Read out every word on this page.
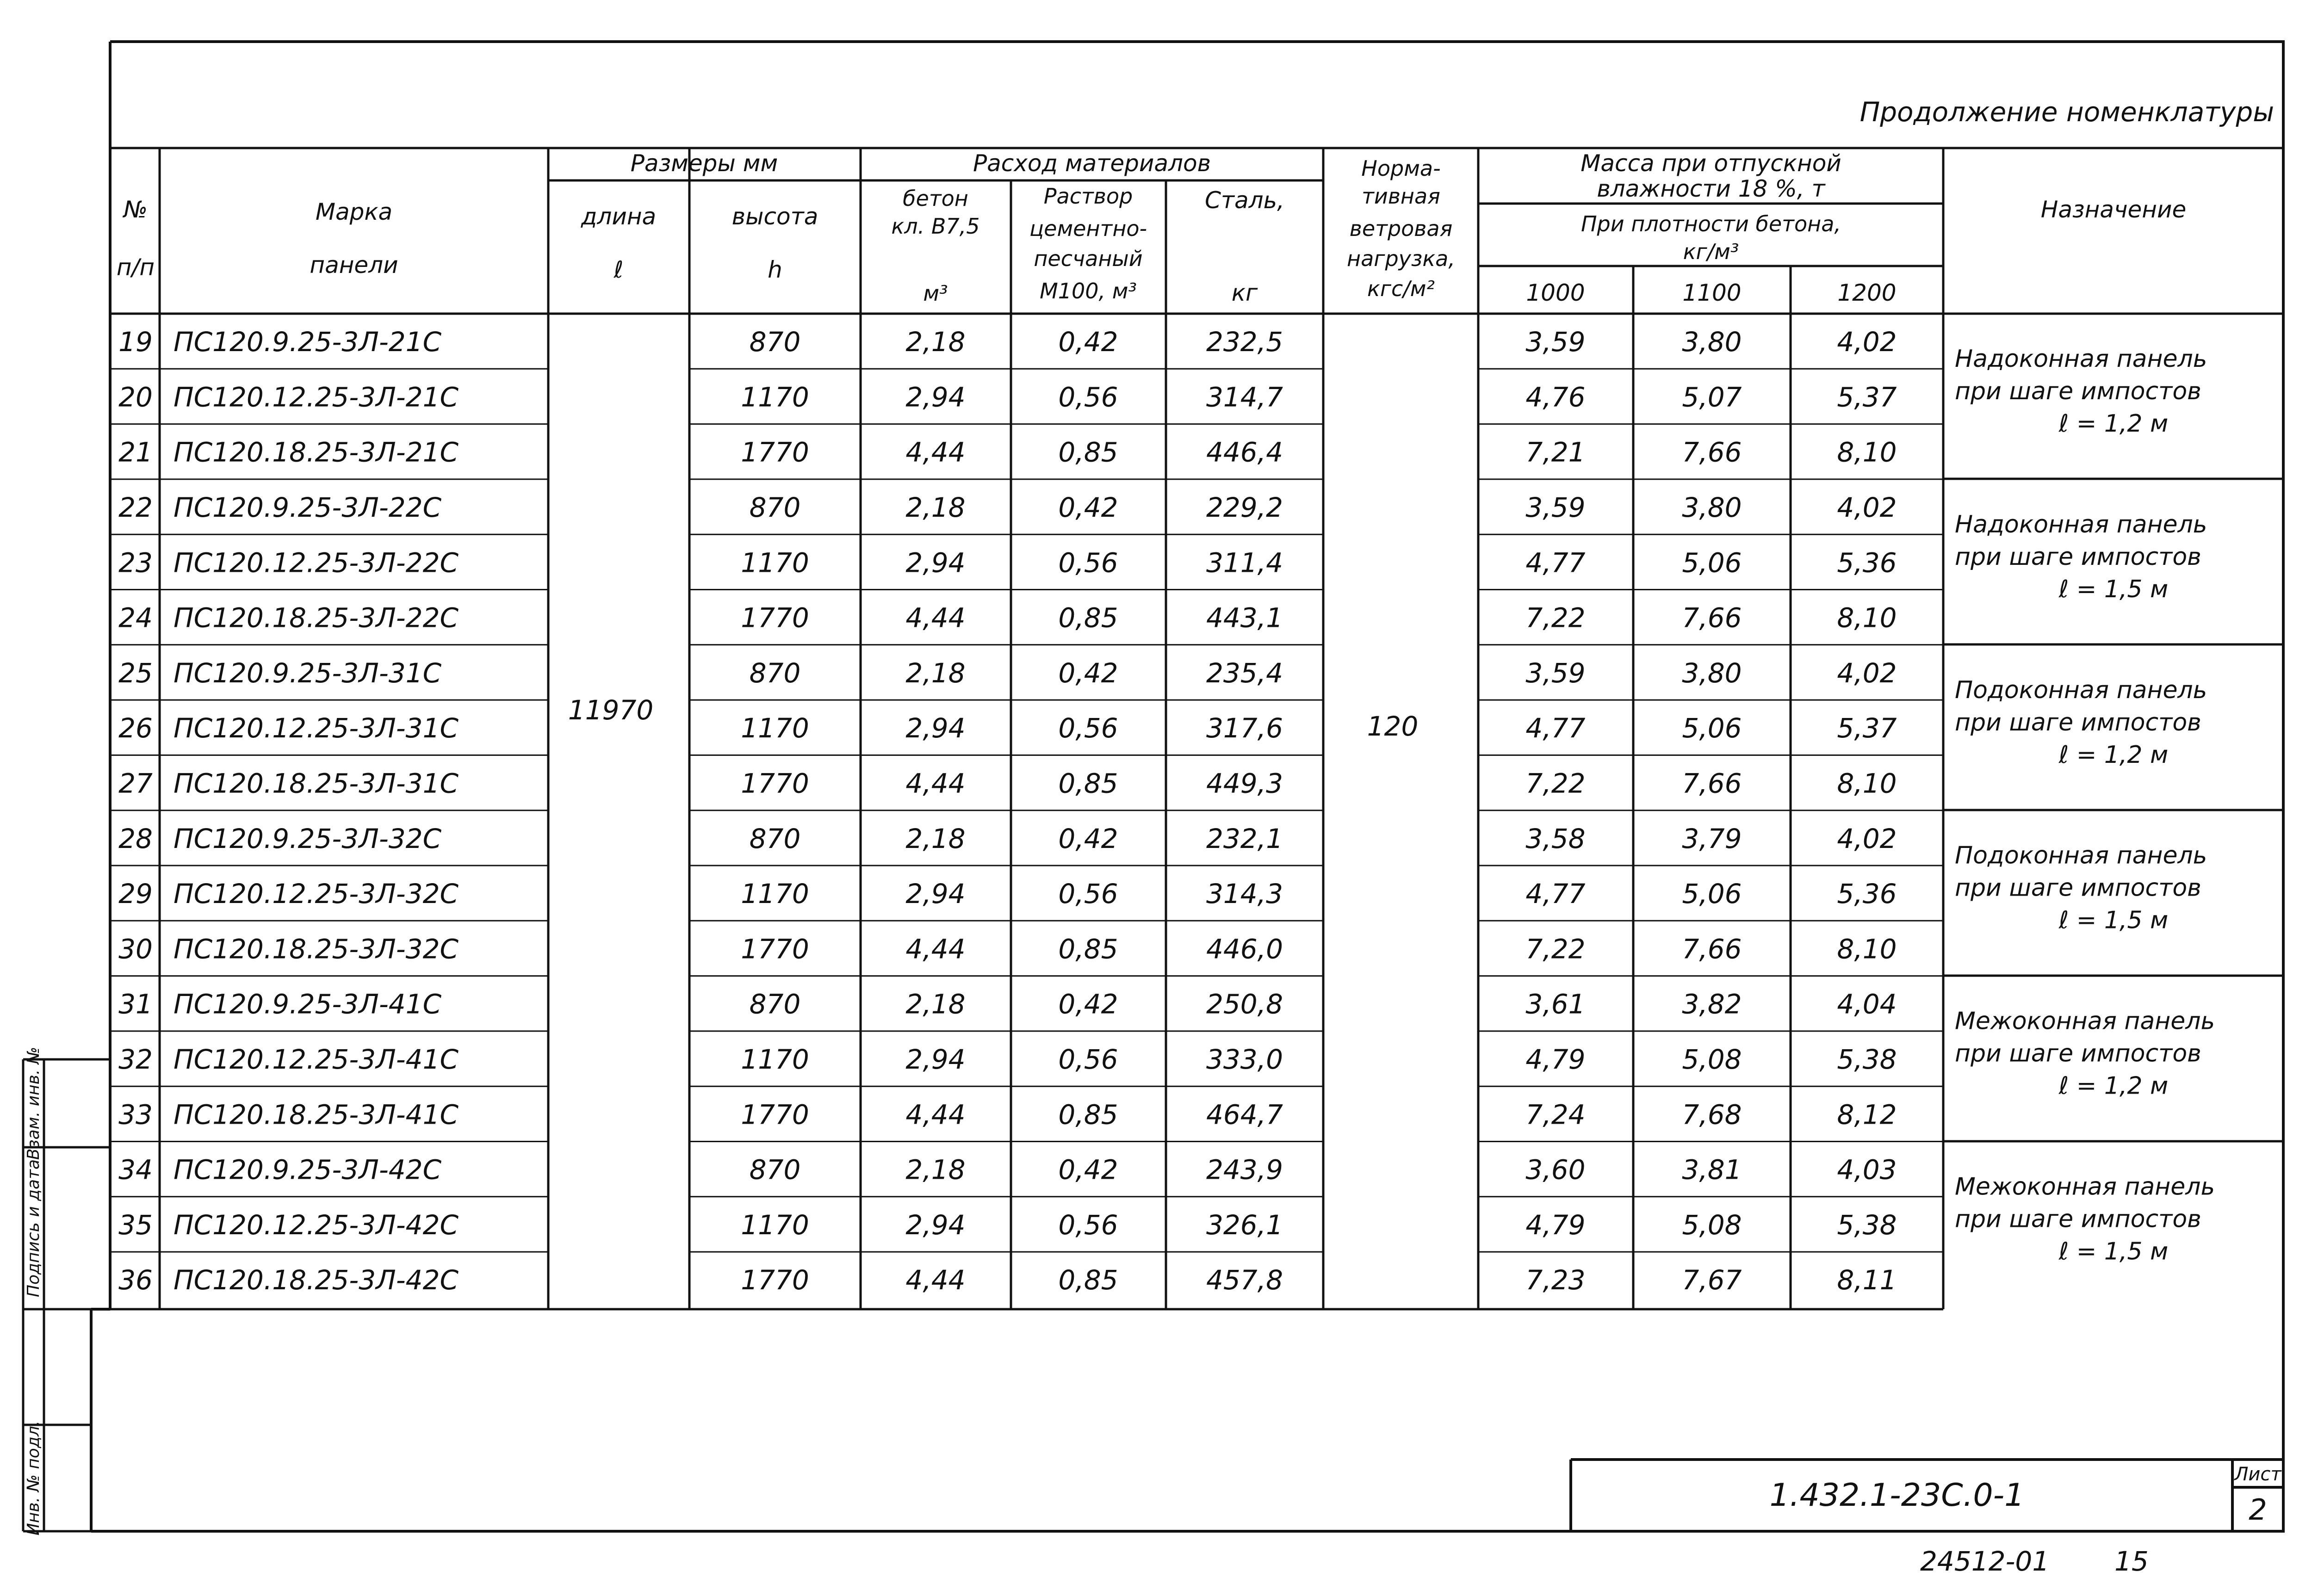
Взам. инв. №
Подпись и дата
Инв. № подл.
Продолжение номенклатуры
№
п/п
Марка
панели
Размеры мм
длина
ℓ
высота
h
Расход материалов
бетон
кл. В7,5
м³
Раствор
цементно-
песчаный
М100, м³
Сталь,
кг
Норма-
тивная
ветровая
нагрузка,
кгс/м²
Масса при отпускной
влажности 18 %, т
При плотности бетона,
кг/м³
1000	1100	1200
Назначение
11970
120
19 ПС120.9.25-3Л-21С	870	2,18	0,42	232,5	3,59	3,80	4,02
20 ПС120.12.25-3Л-21С	1170	2,94	0,56	314,7	4,76	5,07	5,37
21 ПС120.18.25-3Л-21С	1770	4,44	0,85	446,4	7,21	7,66	8,10
22 ПС120.9.25-3Л-22С	870	2,18	0,42	229,2	3,59	3,80	4,02
23 ПС120.12.25-3Л-22С	1170	2,94	0,56	311,4	4,77	5,06	5,36
24 ПС120.18.25-3Л-22С	1770	4,44	0,85	443,1	7,22	7,66	8,10
25 ПС120.9.25-3Л-31С	870	2,18	0,42	235,4	3,59	3,80	4,02
26 ПС120.12.25-3Л-31С	1170	2,94	0,56	317,6	4,77	5,06	5,37
27 ПС120.18.25-3Л-31С	1770	4,44	0,85	449,3	7,22	7,66	8,10
28 ПС120.9.25-3Л-32С	870	2,18	0,42	232,1	3,58	3,79	4,02
29 ПС120.12.25-3Л-32С	1170	2,94	0,56	314,3	4,77	5,06	5,36
30 ПС120.18.25-3Л-32С	1770	4,44	0,85	446,0	7,22	7,66	8,10
31 ПС120.9.25-3Л-41С	870	2,18	0,42	250,8	3,61	3,82	4,04
32 ПС120.12.25-3Л-41С	1170	2,94	0,56	333,0	4,79	5,08	5,38
33 ПС120.18.25-3Л-41С	1770	4,44	0,85	464,7	7,24	7,68	8,12
34 ПС120.9.25-3Л-42С	870	2,18	0,42	243,9	3,60	3,81	4,03
35 ПС120.12.25-3Л-42С	1170	2,94	0,56	326,1	4,79	5,08	5,38
36 ПС120.18.25-3Л-42С	1770	4,44	0,85	457,8	7,23	7,67	8,11
Надоконная панель
при шаге импостов
ℓ = 1,2 м
Надоконная панель
при шаге импостов
ℓ = 1,5 м
Подоконная панель
при шаге импостов
ℓ = 1,2 м
Подоконная панель
при шаге импостов
ℓ = 1,5 м
Межоконная панель
при шаге импостов
ℓ = 1,2 м
Межоконная панель
при шаге импостов
ℓ = 1,5 м
1.432.1-23С.0-1
Лист
2
24512-01 15
